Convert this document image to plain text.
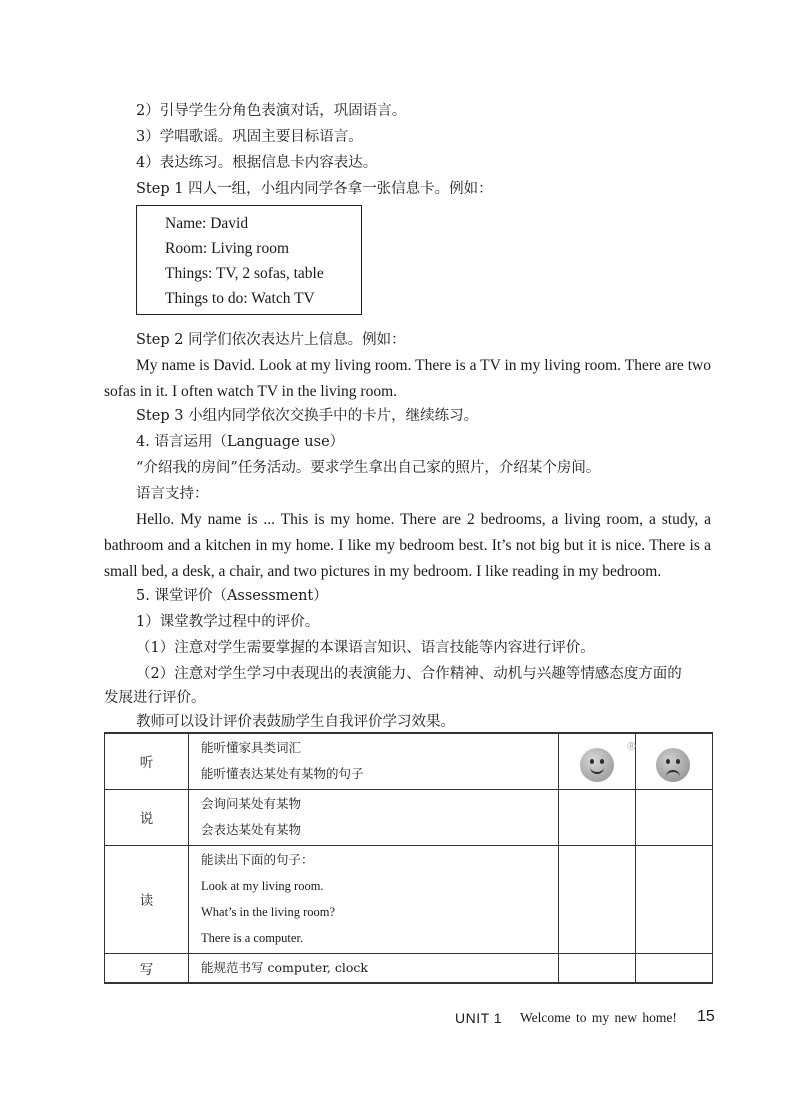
2）引导学生分角色表演对话，巩固语言。
3）学唱歌谣。巩固主要目标语言。
4）表达练习。根据信息卡内容表达。
Step 1 四人一组，小组内同学各拿一张信息卡。例如：
Name: David
Room: Living room
Things: TV, 2 sofas, table
Things to do: Watch TV
Step 2 同学们依次表达片上信息。例如：
My name is David. Look at my living room. There is a TV in my living room. There are two
sofas in it. I often watch TV in the living room.
Step 3 小组内同学依次交换手中的卡片，继续练习。
4. 语言运用（Language use）
“介绍我的房间”任务活动。要求学生拿出自己家的照片，介绍某个房间。
语言支持：
Hello. My name is ... This is my home. There are 2 bedrooms, a living room, a study, a
bathroom and a kitchen in my home. I like my bedroom best. It’s not big but it is nice. There is a
small bed, a desk, a chair, and two pictures in my bedroom. I like reading in my bedroom.
5. 课堂评价（Assessment）
1）课堂教学过程中的评价。
（1）注意对学生需要掌握的本课语言知识、语言技能等内容进行评价。
（2）注意对学生学习中表现出的表演能力、合作精神、动机与兴趣等情感态度方面的
发展进行评价。
教师可以设计评价表鼓励学生自我评价学习效果。
听	能听懂家具类词汇
能听懂表达某处有某物的句子		

说	会询问某处有某物
会表达某处有某物		

读	能读出下面的句子：
Look at my living room.
What’s in the living room?
There is a computer.		

写	能规范书写 computer, clock		

®
UNIT 1 Welcome to my new home! 15
